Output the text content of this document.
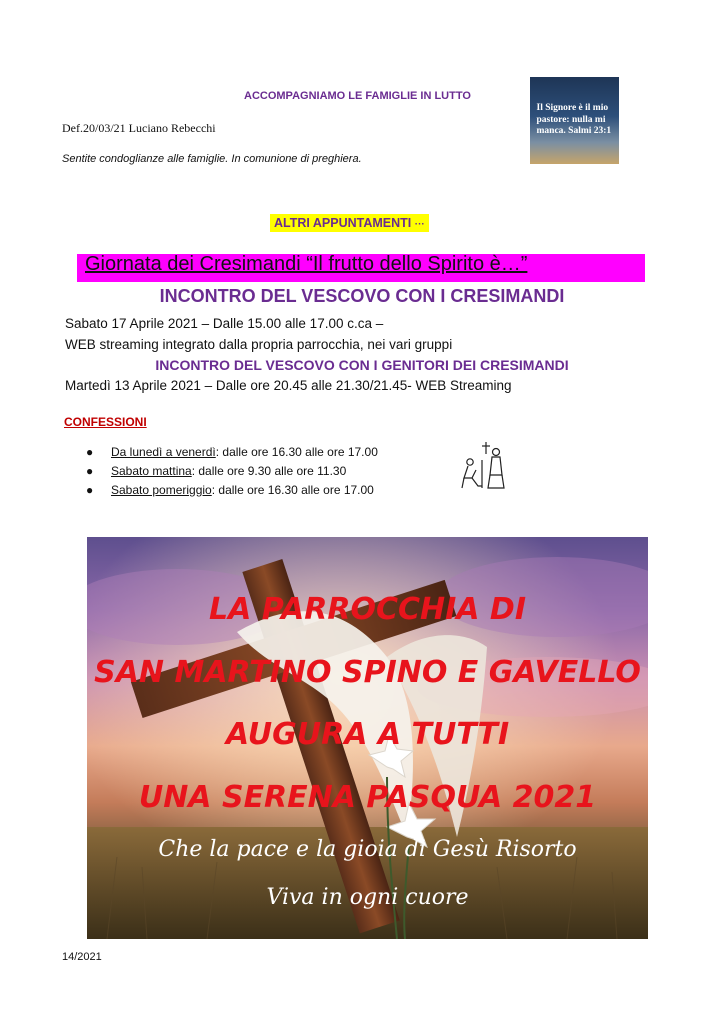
ACCOMPAGNIAMO LE FAMIGLIE IN LUTTO
Def.20/03/21 Luciano Rebecchi
Sentite condoglianze alle famiglie. In comunione di preghiera.
Il Signore è il mio pastore: nulla mi manca. Salmi 23:1
ALTRI APPUNTAMENTI ···
Giornata dei Cresimandi “Il frutto dello Spirito è…”
INCONTRO DEL VESCOVO CON I CRESIMANDI
Sabato 17 Aprile 2021 – Dalle 15.00 alle 17.00 c.ca –
WEB streaming integrato dalla propria parrocchia, nei vari gruppi
INCONTRO DEL VESCOVO CON I GENITORI DEI CRESIMANDI
Martedì 13 Aprile 2021 – Dalle ore 20.45 alle 21.30/21.45- WEB Streaming
CONFESSIONI
● Da lunedì a venerdì: dalle ore 16.30 alle ore 17.00
● Sabato mattina: dalle ore 9.30 alle ore 11.30
● Sabato pomeriggio: dalle ore 16.30 alle ore 17.00
LA PARROCCHIA DI
SAN MARTINO SPINO E GAVELLO
AUGURA A TUTTI
UNA SERENA PASQUA 2021
Che la pace e la gioia di Gesù Risorto
Viva in ogni cuore
14/2021
